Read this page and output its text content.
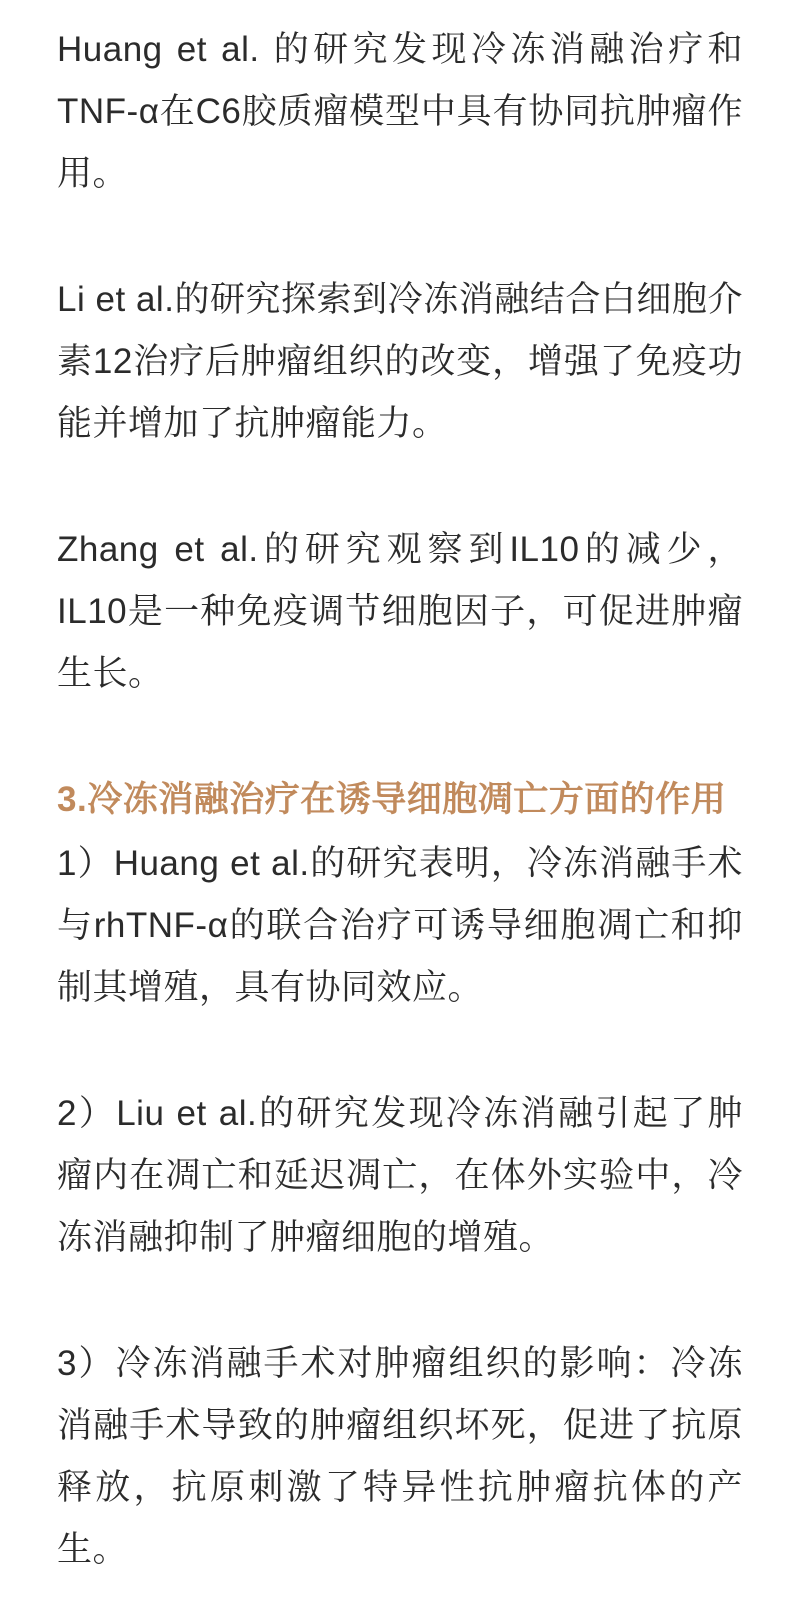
Huang et al. 的研究发现冷冻消融治疗和TNF-α在C6胶质瘤模型中具有协同抗肿瘤作用。

Li et al.的研究探索到冷冻消融结合白细胞介素12治疗后肿瘤组织的改变，增强了免疫功能并增加了抗肿瘤能力。

Zhang et al.的研究观察到IL10的减少，IL10是一种免疫调节细胞因子，可促进肿瘤生长。

3.冷冻消融治疗在诱导细胞凋亡方面的作用

1）Huang et al.的研究表明，冷冻消融手术与rhTNF-α的联合治疗可诱导细胞凋亡和抑制其增殖，具有协同效应。

2）Liu et al.的研究发现冷冻消融引起了肿瘤内在凋亡和延迟凋亡，在体外实验中，冷冻消融抑制了肿瘤细胞的增殖。

3）冷冻消融手术对肿瘤组织的影响：冷冻消融手术导致的肿瘤组织坏死，促进了抗原释放，抗原刺激了特异性抗肿瘤抗体的产生。
